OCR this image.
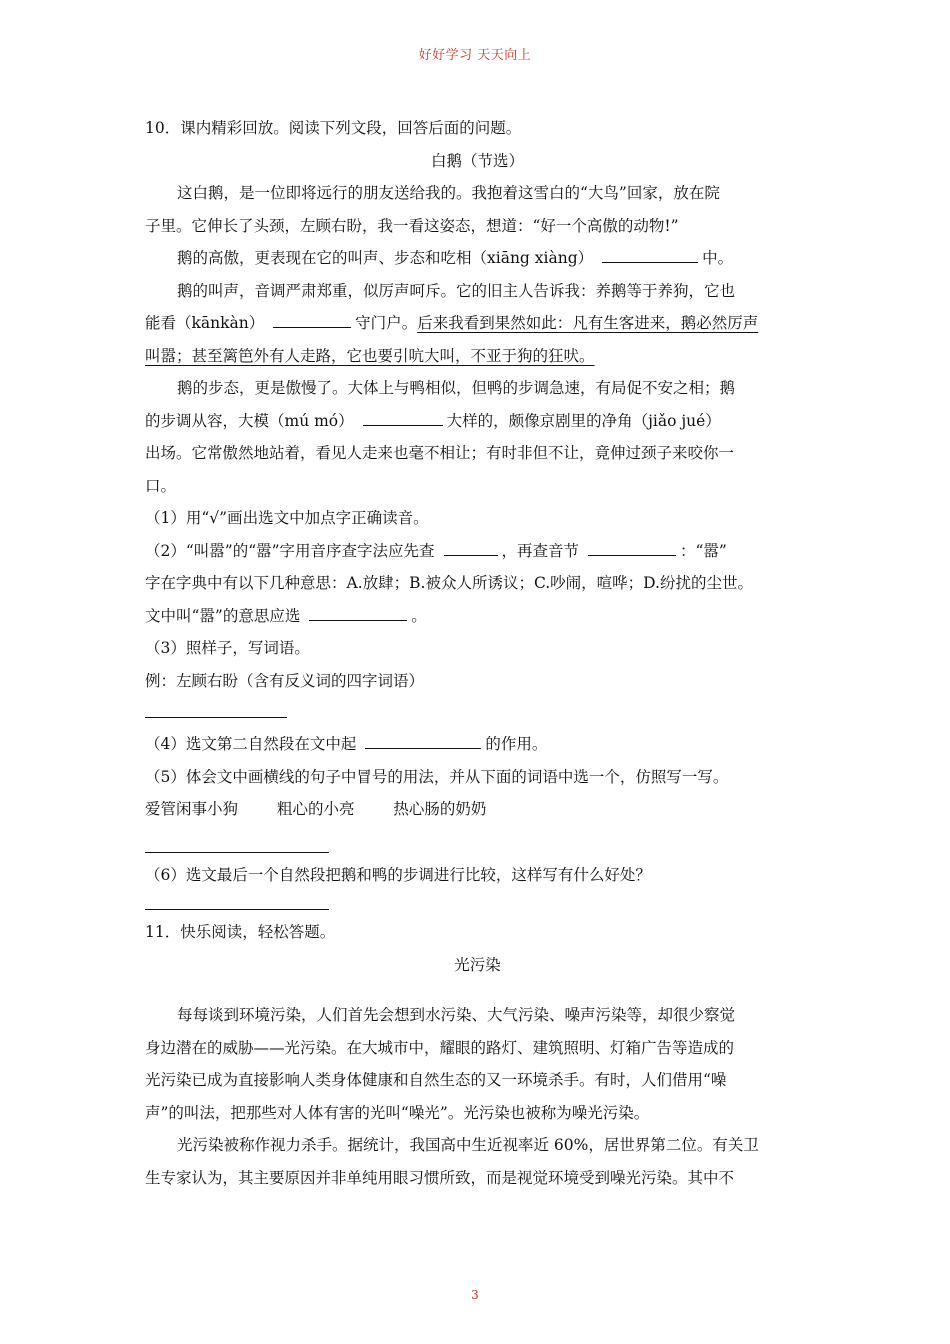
好好学习 天天向上
10．课内精彩回放。阅读下列文段，回答后面的问题。
白鹅（节选）
这白鹅，是一位即将远行的朋友送给我的。我抱着这雪白的“大鸟”回家，放在院
子里。它伸长了头颈，左顾右盼，我一看这姿态，想道：“好一个高傲的动物!”
鹅的高傲，更表现在它的叫声、步态和吃相（xiāng xiàng）	中。
鹅的叫声，音调严肃郑重，似厉声呵斥。它的旧主人告诉我：养鹅等于养狗，它也
能看（kānkàn）	守门户。后来我看到果然如此：凡有生客进来，鹅必然厉声
叫嚣；甚至篱笆外有人走路，它也要引吭大叫，不亚于狗的狂吠。
鹅的步态，更是傲慢了。大体上与鸭相似，但鸭的步调急速，有局促不安之相；鹅
的步调从容，大模（mú mó）	大样的，颇像京剧里的净角（jiǎo jué）
出场。它常傲然地站着，看见人走来也毫不相让；有时非但不让，竟伸过颈子来咬你一
口。
（1）用“√”画出选文中加点字正确读音。
（2）“叫嚣”的“嚣”字用音序查字法应先查	，再查音节	：“嚣”
字在字典中有以下几种意思：A.放肆；B.被众人所诱议；C.吵闹，喧哗；D.纷扰的尘世。
文中叫“嚣”的意思应选	。
（3）照样子，写词语。
例：左顾右盼（含有反义词的四字词语）
（4）选文第二自然段在文中起	的作用。
（5）体会文中画横线的句子中冒号的用法，并从下面的词语中选一个，仿照写一写。
爱管闲事小狗	粗心的小亮	热心肠的奶奶
（6）选文最后一个自然段把鹅和鸭的步调进行比较，这样写有什么好处？
11．快乐阅读，轻松答题。
光污染
每每谈到环境污染，人们首先会想到水污染、大气污染、噪声污染等，却很少察觉
身边潜在的威胁——光污染。在大城市中，耀眼的路灯、建筑照明、灯箱广告等造成的
光污染已成为直接影响人类身体健康和自然生态的又一环境杀手。有时，人们借用“噪
声”的叫法，把那些对人体有害的光叫“噪光”。光污染也被称为噪光污染。
光污染被称作视力杀手。据统计，我国高中生近视率近 60%，居世界第二位。有关卫
生专家认为，其主要原因并非单纯用眼习惯所致，而是视觉环境受到噪光污染。其中不
3
